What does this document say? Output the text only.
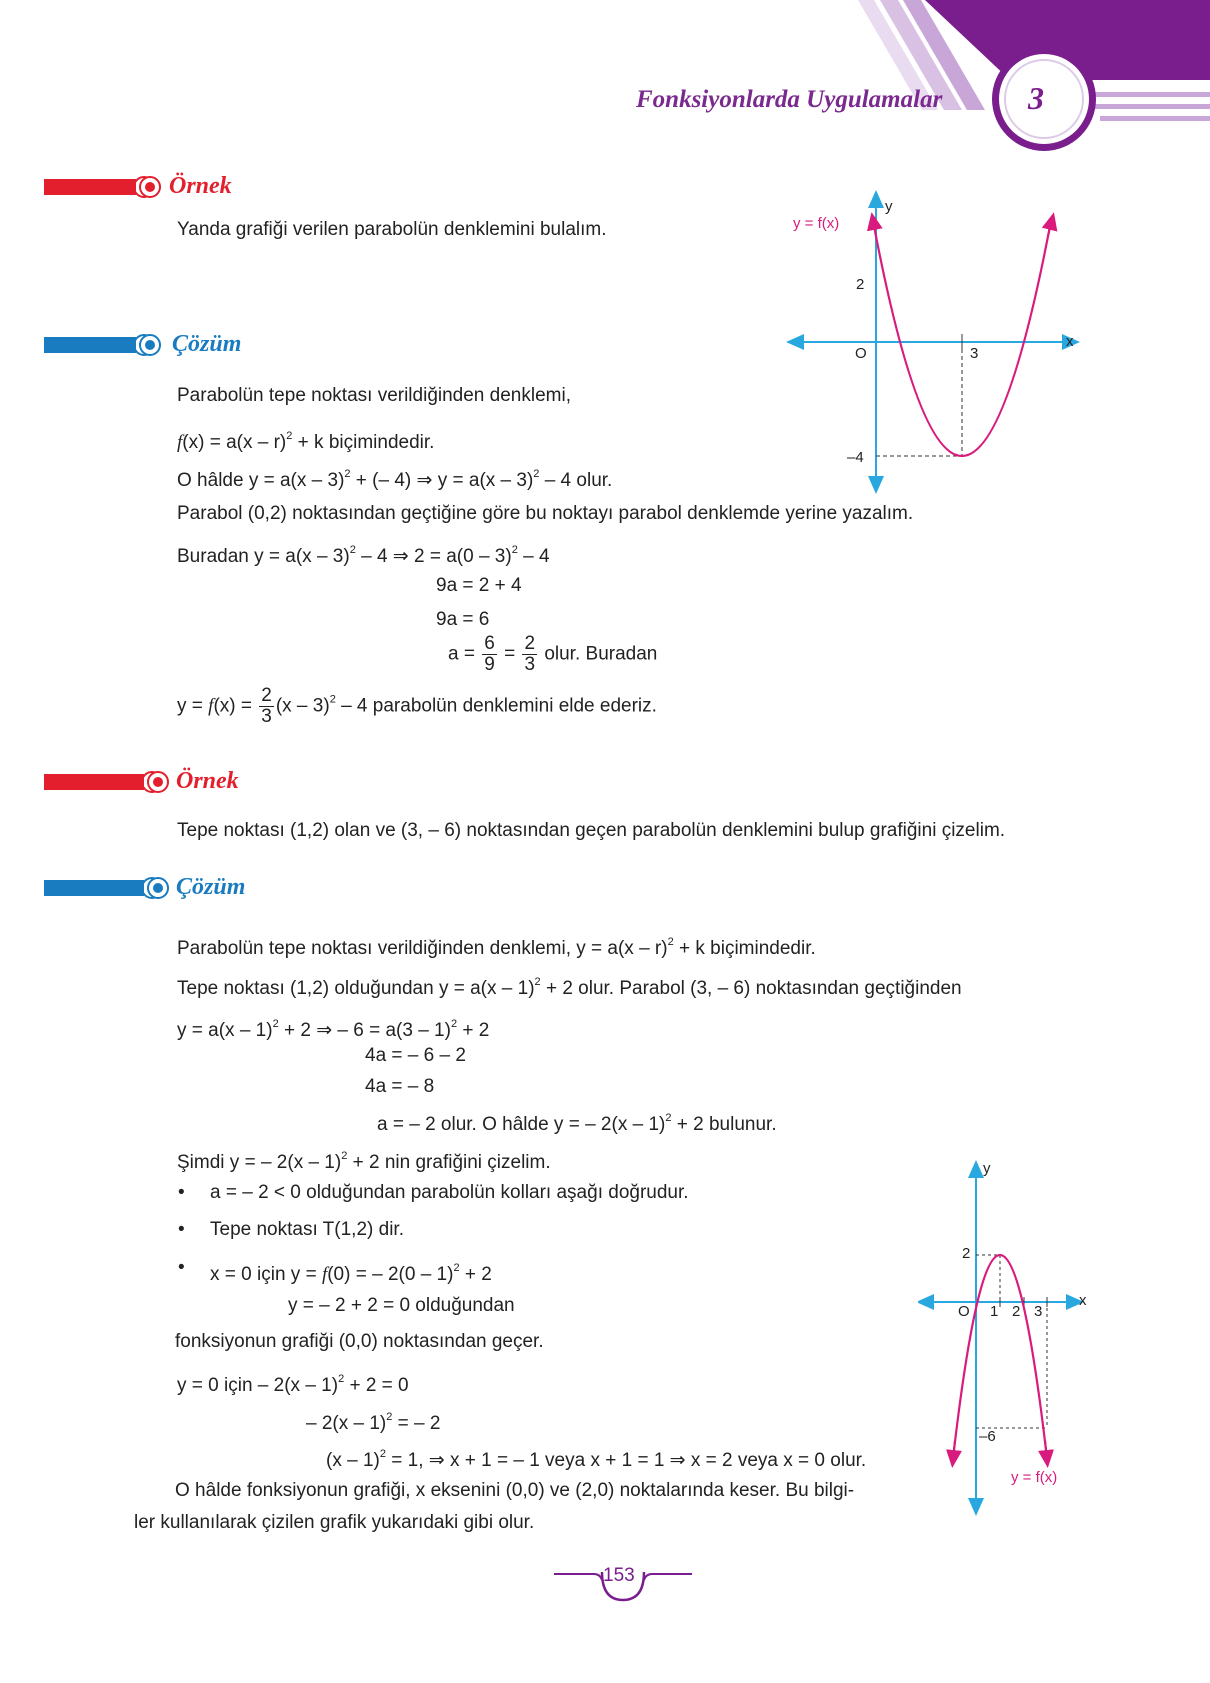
Fonksiyonlarda Uygulamalar	3
Örnek
Yanda grafiği verilen parabolün denklemini bulalım.
Çözüm
Parabolün tepe noktası verildiğinden denklemi,
f(x) = a(x – r)$^2$ + k biçimindedir.
O hâlde y = a(x – 3)$^2$ + (– 4) ⇒ y = a(x – 3)$^2$ – 4 olur.
Parabol (0,2) noktasından geçtiğine göre bu noktayı parabol denklemde yerine yazalım.
Buradan y = a(x – 3)$^2$ – 4 ⇒ 2 = a(0 – 3)$^2$ – 4
9a = 2 + 4
9a = 6
$a = \frac{6}{9} = \frac{2}{3}$ olur. Buradan
$y = f(x) = \frac{2}{3} (x - 3)^2 - 4$ parabolün denklemini elde ederiz.
y = f(x)
y
x
O
2
3
–4
Örnek
Tepe noktası (1,2) olan ve (3, – 6) noktasından geçen parabolün denklemini bulup grafiğini çizelim.
Çözüm
Parabolün tepe noktası verildiğinden denklemi, y = a(x – r)$^2$ + k biçimindedir.
Tepe noktası (1,2) olduğundan y = a(x – 1)$^2$ + 2 olur. Parabol (3, – 6) noktasından geçtiğinden
y = a(x – 1)$^2$ + 2 ⇒ – 6 = a(3 – 1)$^2$ + 2
4a = – 6 – 2
4a = – 8
a = – 2 olur. O hâlde y = – 2(x – 1)$^2$ + 2 bulunur.
Şimdi y = – 2(x – 1)$^2$ + 2 nin grafiğini çizelim.
• a = – 2 < 0 olduğundan parabolün kolları aşağı doğrudur.
• Tepe noktası T(1,2) dir.
• x = 0 için y = f(0) = – 2(0 – 1)$^2$ + 2
y = – 2 + 2 = 0 olduğundan
fonksiyonun grafiği (0,0) noktasından geçer.
y = 0 için – 2(x – 1)$^2$ + 2 = 0
– 2(x – 1)$^2$ = – 2
(x – 1)$^2$ = 1, ⇒ x + 1 = – 1 veya x + 1 = 1 ⇒ x = 2 veya x = 0 olur.
O hâlde fonksiyonun grafiği, x eksenini (0,0) ve (2,0) noktalarında keser. Bu bilgi-
ler kullanılarak çizilen grafik yukarıdaki gibi olur.
y
x
O
2
1 2 3
–6
y = f(x)
153
